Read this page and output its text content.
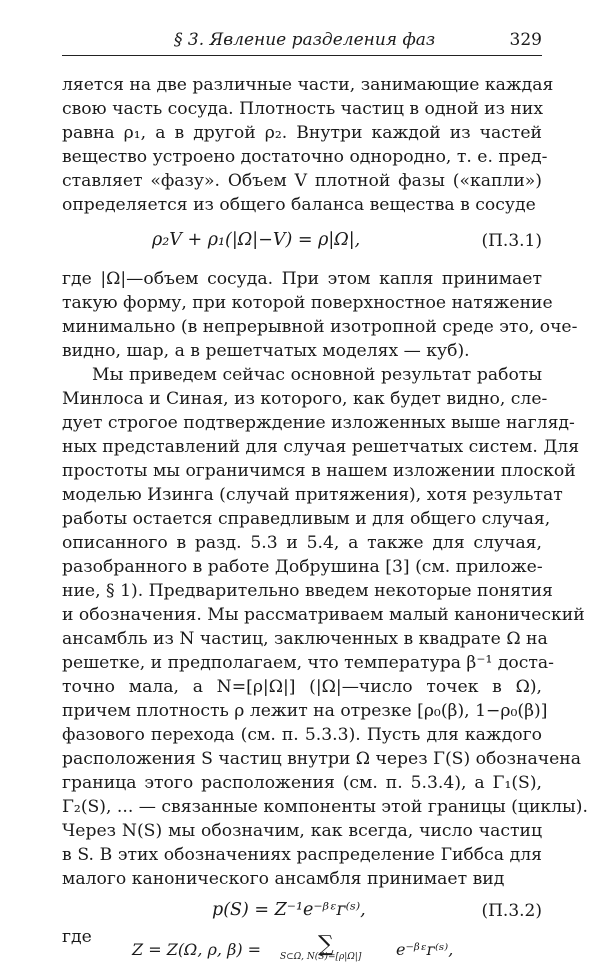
§ 3. Явление разделения фаз	329
ляется на две различные части, занимающие каждая
свою часть сосуда. Плотность частиц в одной из них
равна ρ₁, а в другой ρ₂. Внутри каждой из частей
вещество устроено достаточно однородно, т. е. пред-
ставляет «фазу». Объем V плотной фазы («капли»)
определяется из общего баланса вещества в сосуде
ρ₂V + ρ₁(|Ω|−V) = ρ|Ω|,	(П.3.1)
где |Ω|—объем сосуда. При этом капля принимает
такую форму, при которой поверхностное натяжение
минимально (в непрерывной изотропной среде это, оче-
видно, шар, а в решетчатых моделях — куб).
Мы приведем сейчас основной результат работы
Минлоса и Синая, из которого, как будет видно, сле-
дует строгое подтверждение изложенных выше нагляд-
ных представлений для случая решетчатых систем. Для
простоты мы ограничимся в нашем изложении плоской
моделью Изинга (случай притяжения), хотя результат
работы остается справедливым и для общего случая,
описанного в разд. 5.3 и 5.4, а также для случая,
разобранного в работе Добрушина [3] (см. приложе-
ние, § 1). Предварительно введем некоторые понятия
и обозначения. Мы рассматриваем малый канонический
ансамбль из N частиц, заключенных в квадрате Ω на
решетке, и предполагаем, что температура β⁻¹ доста-
точно мала, а N=[ρ|Ω|] (|Ω|—число точек в Ω),
причем плотность ρ лежит на отрезке [ρ₀(β), 1−ρ₀(β)]
фазового перехода (см. п. 5.3.3). Пусть для каждого
расположения S частиц внутри Ω через Γ(S) обозначена
граница этого расположения (см. п. 5.3.4), а Γ₁(S),
Γ₂(S), ... — связанные компоненты этой границы (циклы).
Через N(S) мы обозначим, как всегда, число частиц
в S. В этих обозначениях распределение Гиббса для
малого канонического ансамбля принимает вид
p(S) = Z⁻¹e⁻ᵝᵋᴦ⁽ˢ⁾,	(П.3.2)
где
Z = Z(Ω, ρ, β) =	∑
S⊂Ω, N(S)=[ρ|Ω|] e⁻ᵝᵋᴦ⁽ˢ⁾,
